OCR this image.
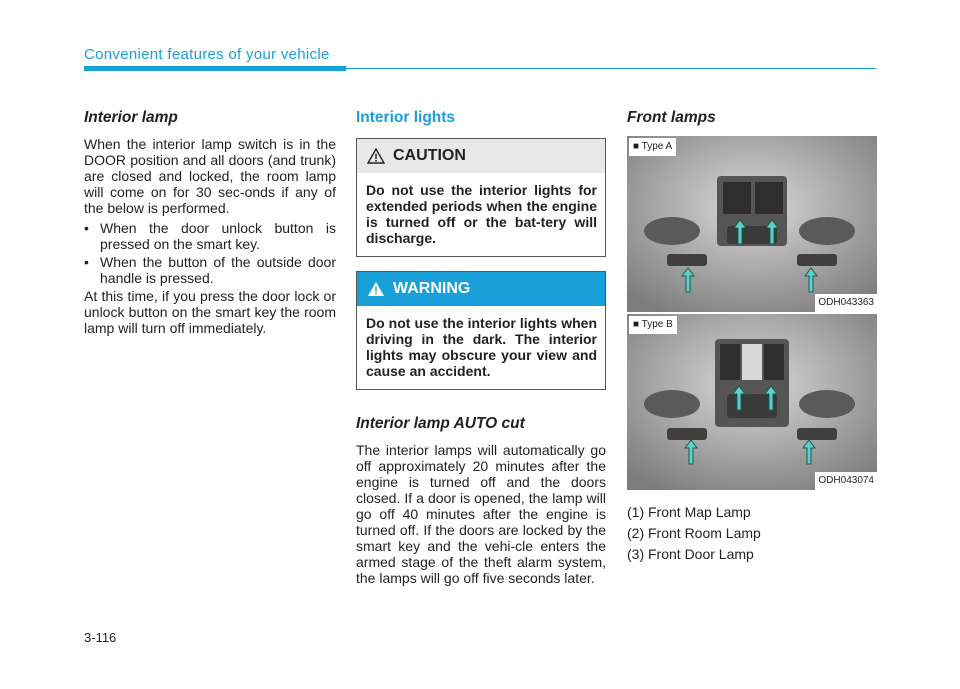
Convenient features of your vehicle
Interior lamp

When the interior lamp switch is in the DOOR position and all doors (and trunk) are closed and locked, the room lamp will come on for 30 sec-onds if any of the below is performed.

• When the door unlock button is pressed on the smart key.
• When the button of the outside door handle is pressed.

At this time, if you press the door lock or unlock button on the smart key the room lamp will turn off immediately.

Interior lights
CAUTION
Do not use the interior lights for extended periods when the engine is turned off or the bat-tery will discharge.
WARNING
Do not use the interior lights when driving in the dark. The interior lights may obscure your view and cause an accident.
Interior lamp AUTO cut

The interior lamps will automatically go off approximately 20 minutes after the engine is turned off and the doors closed. If a door is opened, the lamp will go off 40 minutes after the engine is turned off. If the doors are locked by the smart key and the vehi-cle enters the armed stage of the theft alarm system, the lamps will go off five seconds later.

Front lamps
■ Type A
ODH043363
■ Type B
ODH043074
(1) Front Map Lamp
(2) Front Room Lamp
(3) Front Door Lamp
3-116
